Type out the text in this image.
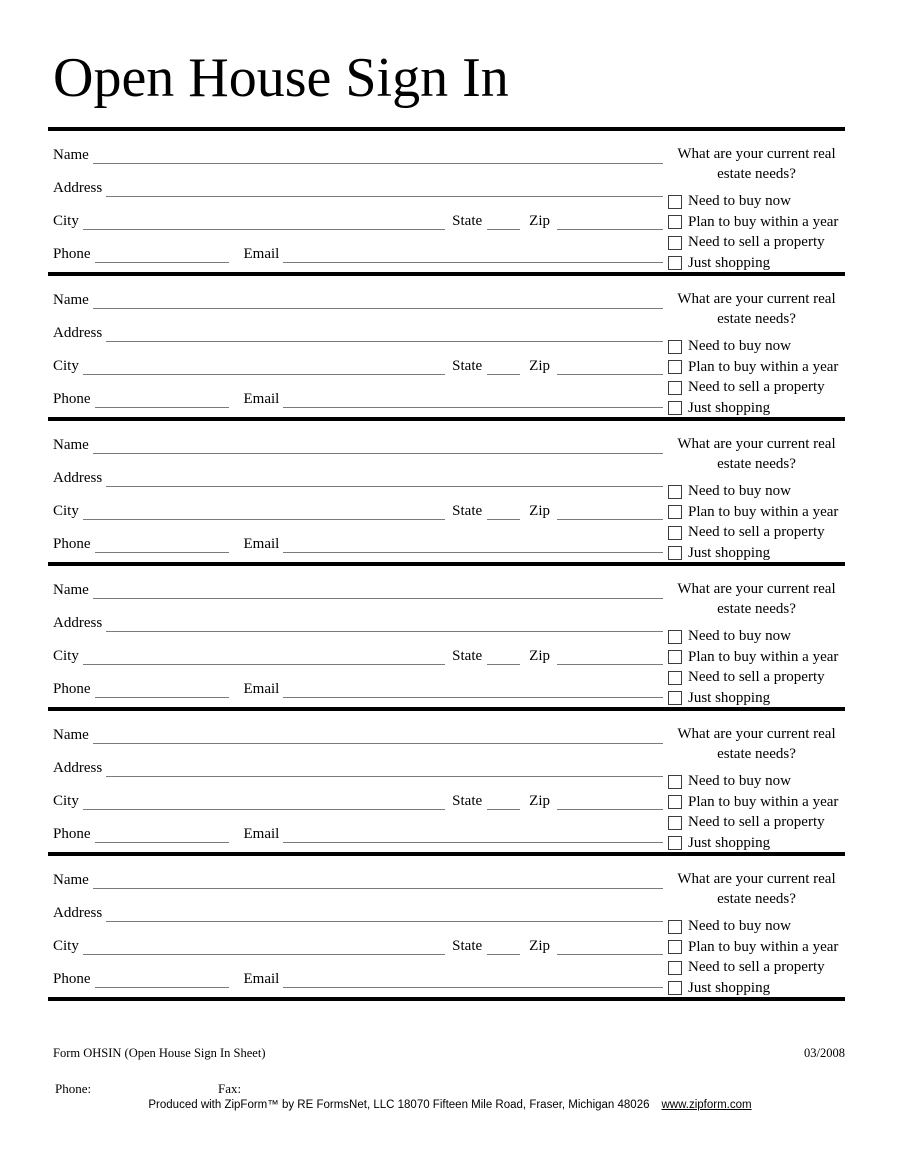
Open House Sign In
Name
Address
City	State	Zip
Phone	Email
What are your current real
estate needs?
Need to buy now
Plan to buy within a year
Need to sell a property
Just shopping
Name
Address
City	State	Zip
Phone	Email
What are your current real
estate needs?
Need to buy now
Plan to buy within a year
Need to sell a property
Just shopping
Name
Address
City	State	Zip
Phone	Email
What are your current real
estate needs?
Need to buy now
Plan to buy within a year
Need to sell a property
Just shopping
Name
Address
City	State	Zip
Phone	Email
What are your current real
estate needs?
Need to buy now
Plan to buy within a year
Need to sell a property
Just shopping
Name
Address
City	State	Zip
Phone	Email
What are your current real
estate needs?
Need to buy now
Plan to buy within a year
Need to sell a property
Just shopping
Name
Address
City	State	Zip
Phone	Email
What are your current real
estate needs?
Need to buy now
Plan to buy within a year
Need to sell a property
Just shopping
Form OHSIN (Open House Sign In Sheet)	03/2008
Phone:	Fax:
Produced with ZipForm™ by RE FormsNet, LLC 18070 Fifteen Mile Road, Fraser, Michigan 48026 www.zipform.com
